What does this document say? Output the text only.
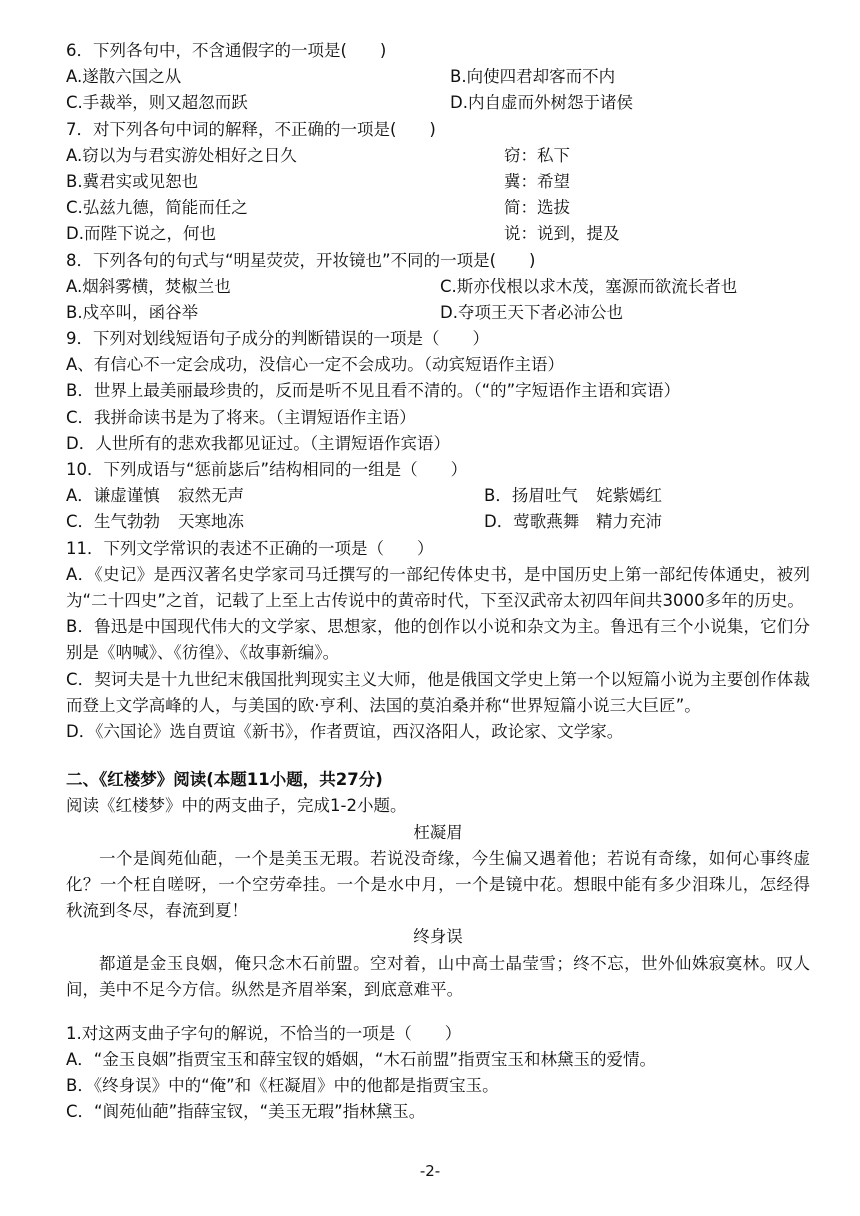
6．下列各句中，不含通假字的一项是(　　)
A.遂散六国之从	B.向使四君却客而不内
C.手裁举，则又超忽而跃	D.内自虚而外树怨于诸侯
7．对下列各句中词的解释，不正确的一项是(　　)
A.窃以为与君实游处相好之日久	窃：私下
B.冀君实或见恕也	冀：希望
C.弘兹九德，简能而任之	简：选拔
D.而陛下说之，何也	说：说到，提及
8．下列各句的句式与“明星荧荧，开妆镜也”不同的一项是(　　)
A.烟斜雾横，焚椒兰也	C.斯亦伐根以求木茂，塞源而欲流长者也
B.戍卒叫，函谷举	D.夺项王天下者必沛公也
9．下列对划线短语句子成分的判断错误的一项是（　　）
A、有信心不一定会成功，没信心一定不会成功。（动宾短语作主语）
B．世界上最美丽最珍贵的，反而是听不见且看不清的。（“的”字短语作主语和宾语）
C．我拼命读书是为了将来。（主谓短语作主语）
D．人世所有的悲欢我都见证过。（主谓短语作宾语）
10．下列成语与“惩前毖后”结构相同的一组是（　　）
A．谦虚谨慎 寂然无声	B．扬眉吐气 姹紫嫣红
C．生气勃勃 天寒地冻	D．莺歌燕舞 精力充沛
11．下列文学常识的表述不正确的一项是（　　）
A．《史记》是西汉著名史学家司马迁撰写的一部纪传体史书，是中国历史上第一部纪传体通史，被列为“二十四史”之首，记载了上至上古传说中的黄帝时代，下至汉武帝太初四年间共3000多年的历史。
B．鲁迅是中国现代伟大的文学家、思想家，他的创作以小说和杂文为主。鲁迅有三个小说集，它们分别是《呐喊》、《彷徨》、《故事新编》。
C．契诃夫是十九世纪末俄国批判现实主义大师，他是俄国文学史上第一个以短篇小说为主要创作体裁而登上文学高峰的人，与美国的欧·亨利、法国的莫泊桑并称“世界短篇小说三大巨匠”。
D．《六国论》选自贾谊《新书》，作者贾谊，西汉洛阳人，政论家、文学家。
二、《红楼梦》阅读(本题11小题，共27分)
阅读《红楼梦》中的两支曲子，完成1-2小题。
枉凝眉
一个是阆苑仙葩，一个是美玉无瑕。若说没奇缘，今生偏又遇着他；若说有奇缘，如何心事终虚化？一个枉自嗟呀，一个空劳牵挂。一个是水中月，一个是镜中花。想眼中能有多少泪珠儿，怎经得秋流到冬尽，春流到夏！
终身误
都道是金玉良姻，俺只念木石前盟。空对着，山中高士晶莹雪；终不忘，世外仙姝寂寞林。叹人间，美中不足今方信。纵然是齐眉举案，到底意难平。
1.对这两支曲子字句的解说，不恰当的一项是（　　）
A．“金玉良姻”指贾宝玉和薛宝钗的婚姻，“木石前盟”指贾宝玉和林黛玉的爱情。
B．《终身误》中的“俺”和《枉凝眉》中的他都是指贾宝玉。
C．“阆苑仙葩”指薛宝钗，“美玉无瑕”指林黛玉。
-2-
